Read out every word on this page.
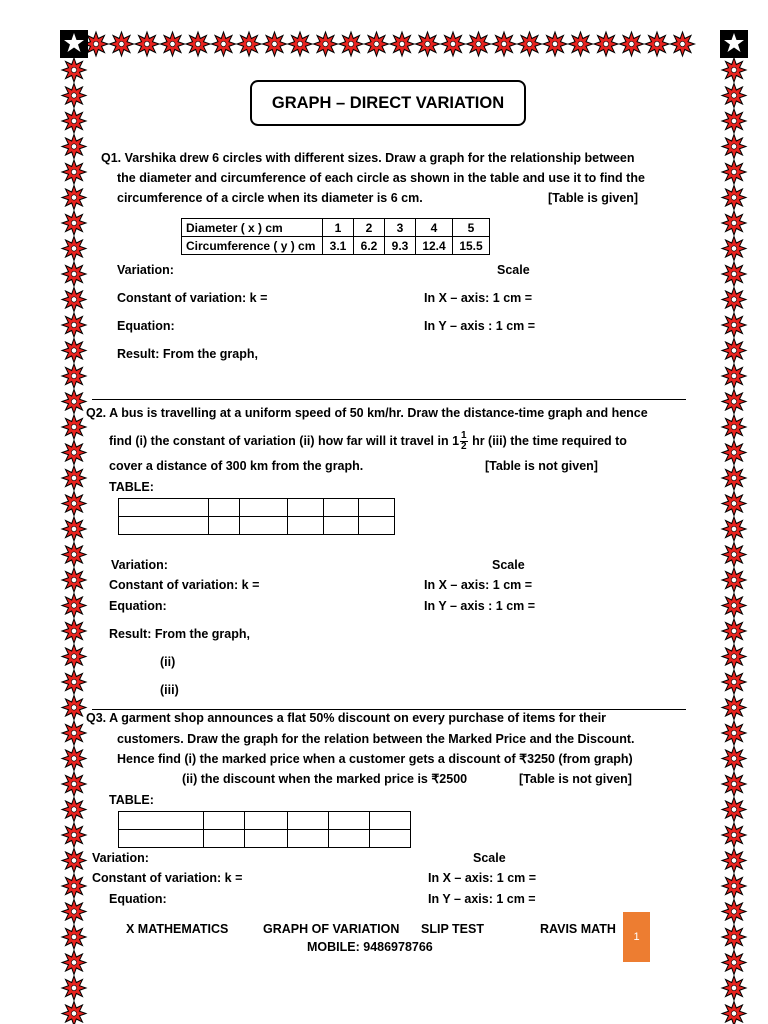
GRAPH – DIRECT VARIATION
Q1. Varshika drew 6 circles with different sizes. Draw a graph for the relationship between
the diameter and circumference of each circle as shown in the table and use it to find the
circumference of a circle when its diameter is 6 cm.	[Table is given]
Diameter ( x ) cm	1	2	3	4	5
Circumference ( y ) cm	3.1	6.2	9.3	12.4	15.5
Variation:	Scale
Constant of variation: k =	In X – axis: 1 cm =
Equation:	In Y – axis : 1 cm =
Result: From the graph,
Q2. A bus is travelling at a uniform speed of 50 km/hr. Draw the distance-time graph and hence
find (i) the constant of variation (ii) how far will it travel in $1 \frac{1}{2}$ hr (iii) the time required to
cover a distance of 300 km from the graph.	[Table is not given]
TABLE:

Variation:	Scale
Constant of variation: k =	In X – axis: 1 cm =
Equation:	In Y – axis : 1 cm =
Result: From the graph,
(ii)
(iii)
Q3. A garment shop announces a flat 50% discount on every purchase of items for their
customers. Draw the graph for the relation between the Marked Price and the Discount.
Hence find (i) the marked price when a customer gets a discount of ₹3250 (from graph)
(ii) the discount when the marked price is ₹2500	[Table is not given]
TABLE:

Variation:	Scale
Constant of variation: k =	In X – axis: 1 cm =
Equation:	In Y – axis: 1 cm =
X MATHEMATICS	GRAPH OF VARIATION SLIP TEST	RAVIS MATH
MOBILE: 9486978766
1
